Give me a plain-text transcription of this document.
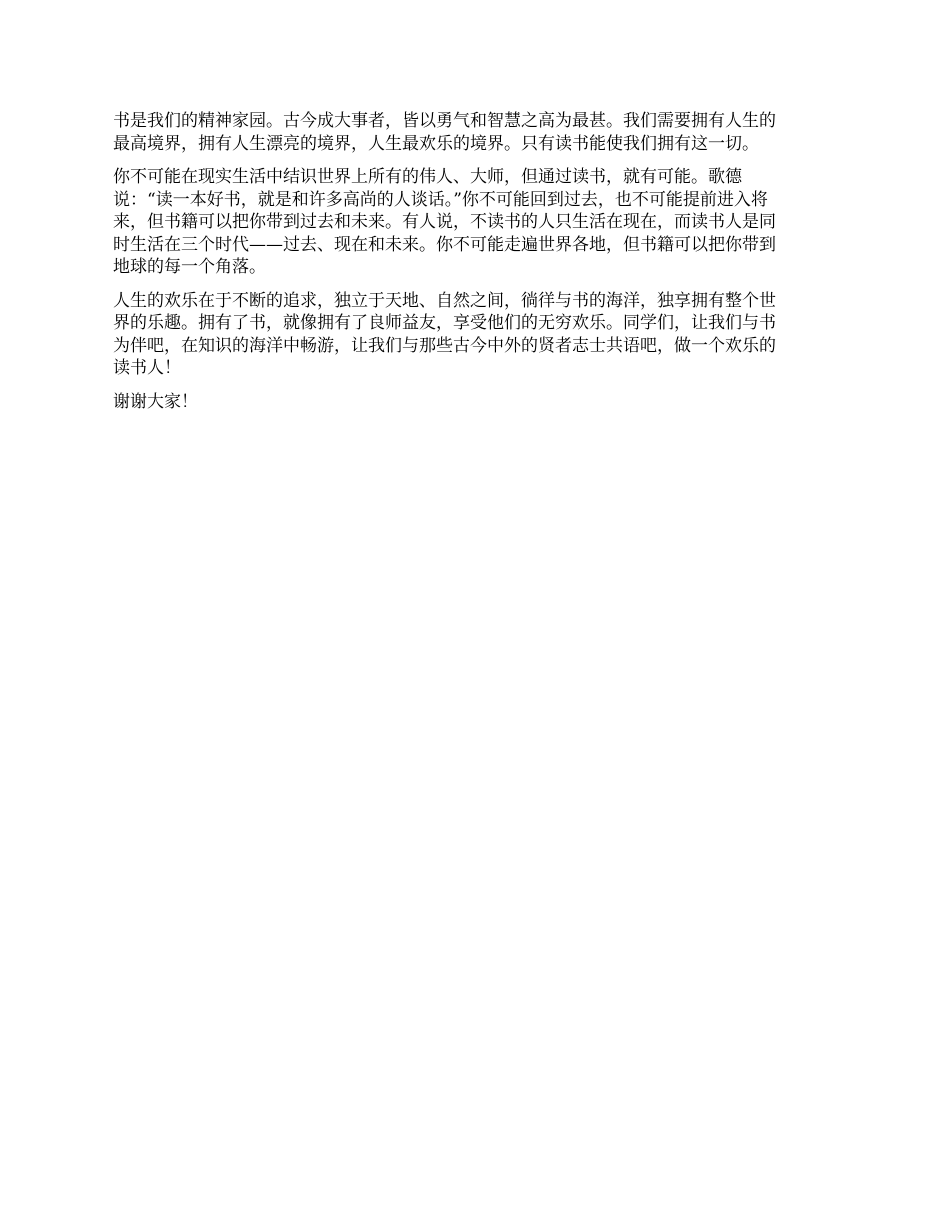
书是我们的精神家园。古今成大事者，皆以勇气和智慧之高为最甚。我们需要拥有人生的
最高境界，拥有人生漂亮的境界，人生最欢乐的境界。只有读书能使我们拥有这一切。

你不可能在现实生活中结识世界上所有的伟人、大师，但通过读书，就有可能。歌德
说：“读一本好书，就是和许多高尚的人谈话。”你不可能回到过去，也不可能提前进入将
来，但书籍可以把你带到过去和未来。有人说，不读书的人只生活在现在，而读书人是同
时生活在三个时代——过去、现在和未来。你不可能走遍世界各地，但书籍可以把你带到
地球的每一个角落。

人生的欢乐在于不断的追求，独立于天地、自然之间，徜徉与书的海洋，独享拥有整个世
界的乐趣。拥有了书，就像拥有了良师益友，享受他们的无穷欢乐。同学们，让我们与书
为伴吧，在知识的海洋中畅游，让我们与那些古今中外的贤者志士共语吧，做一个欢乐的
读书人！

谢谢大家！
